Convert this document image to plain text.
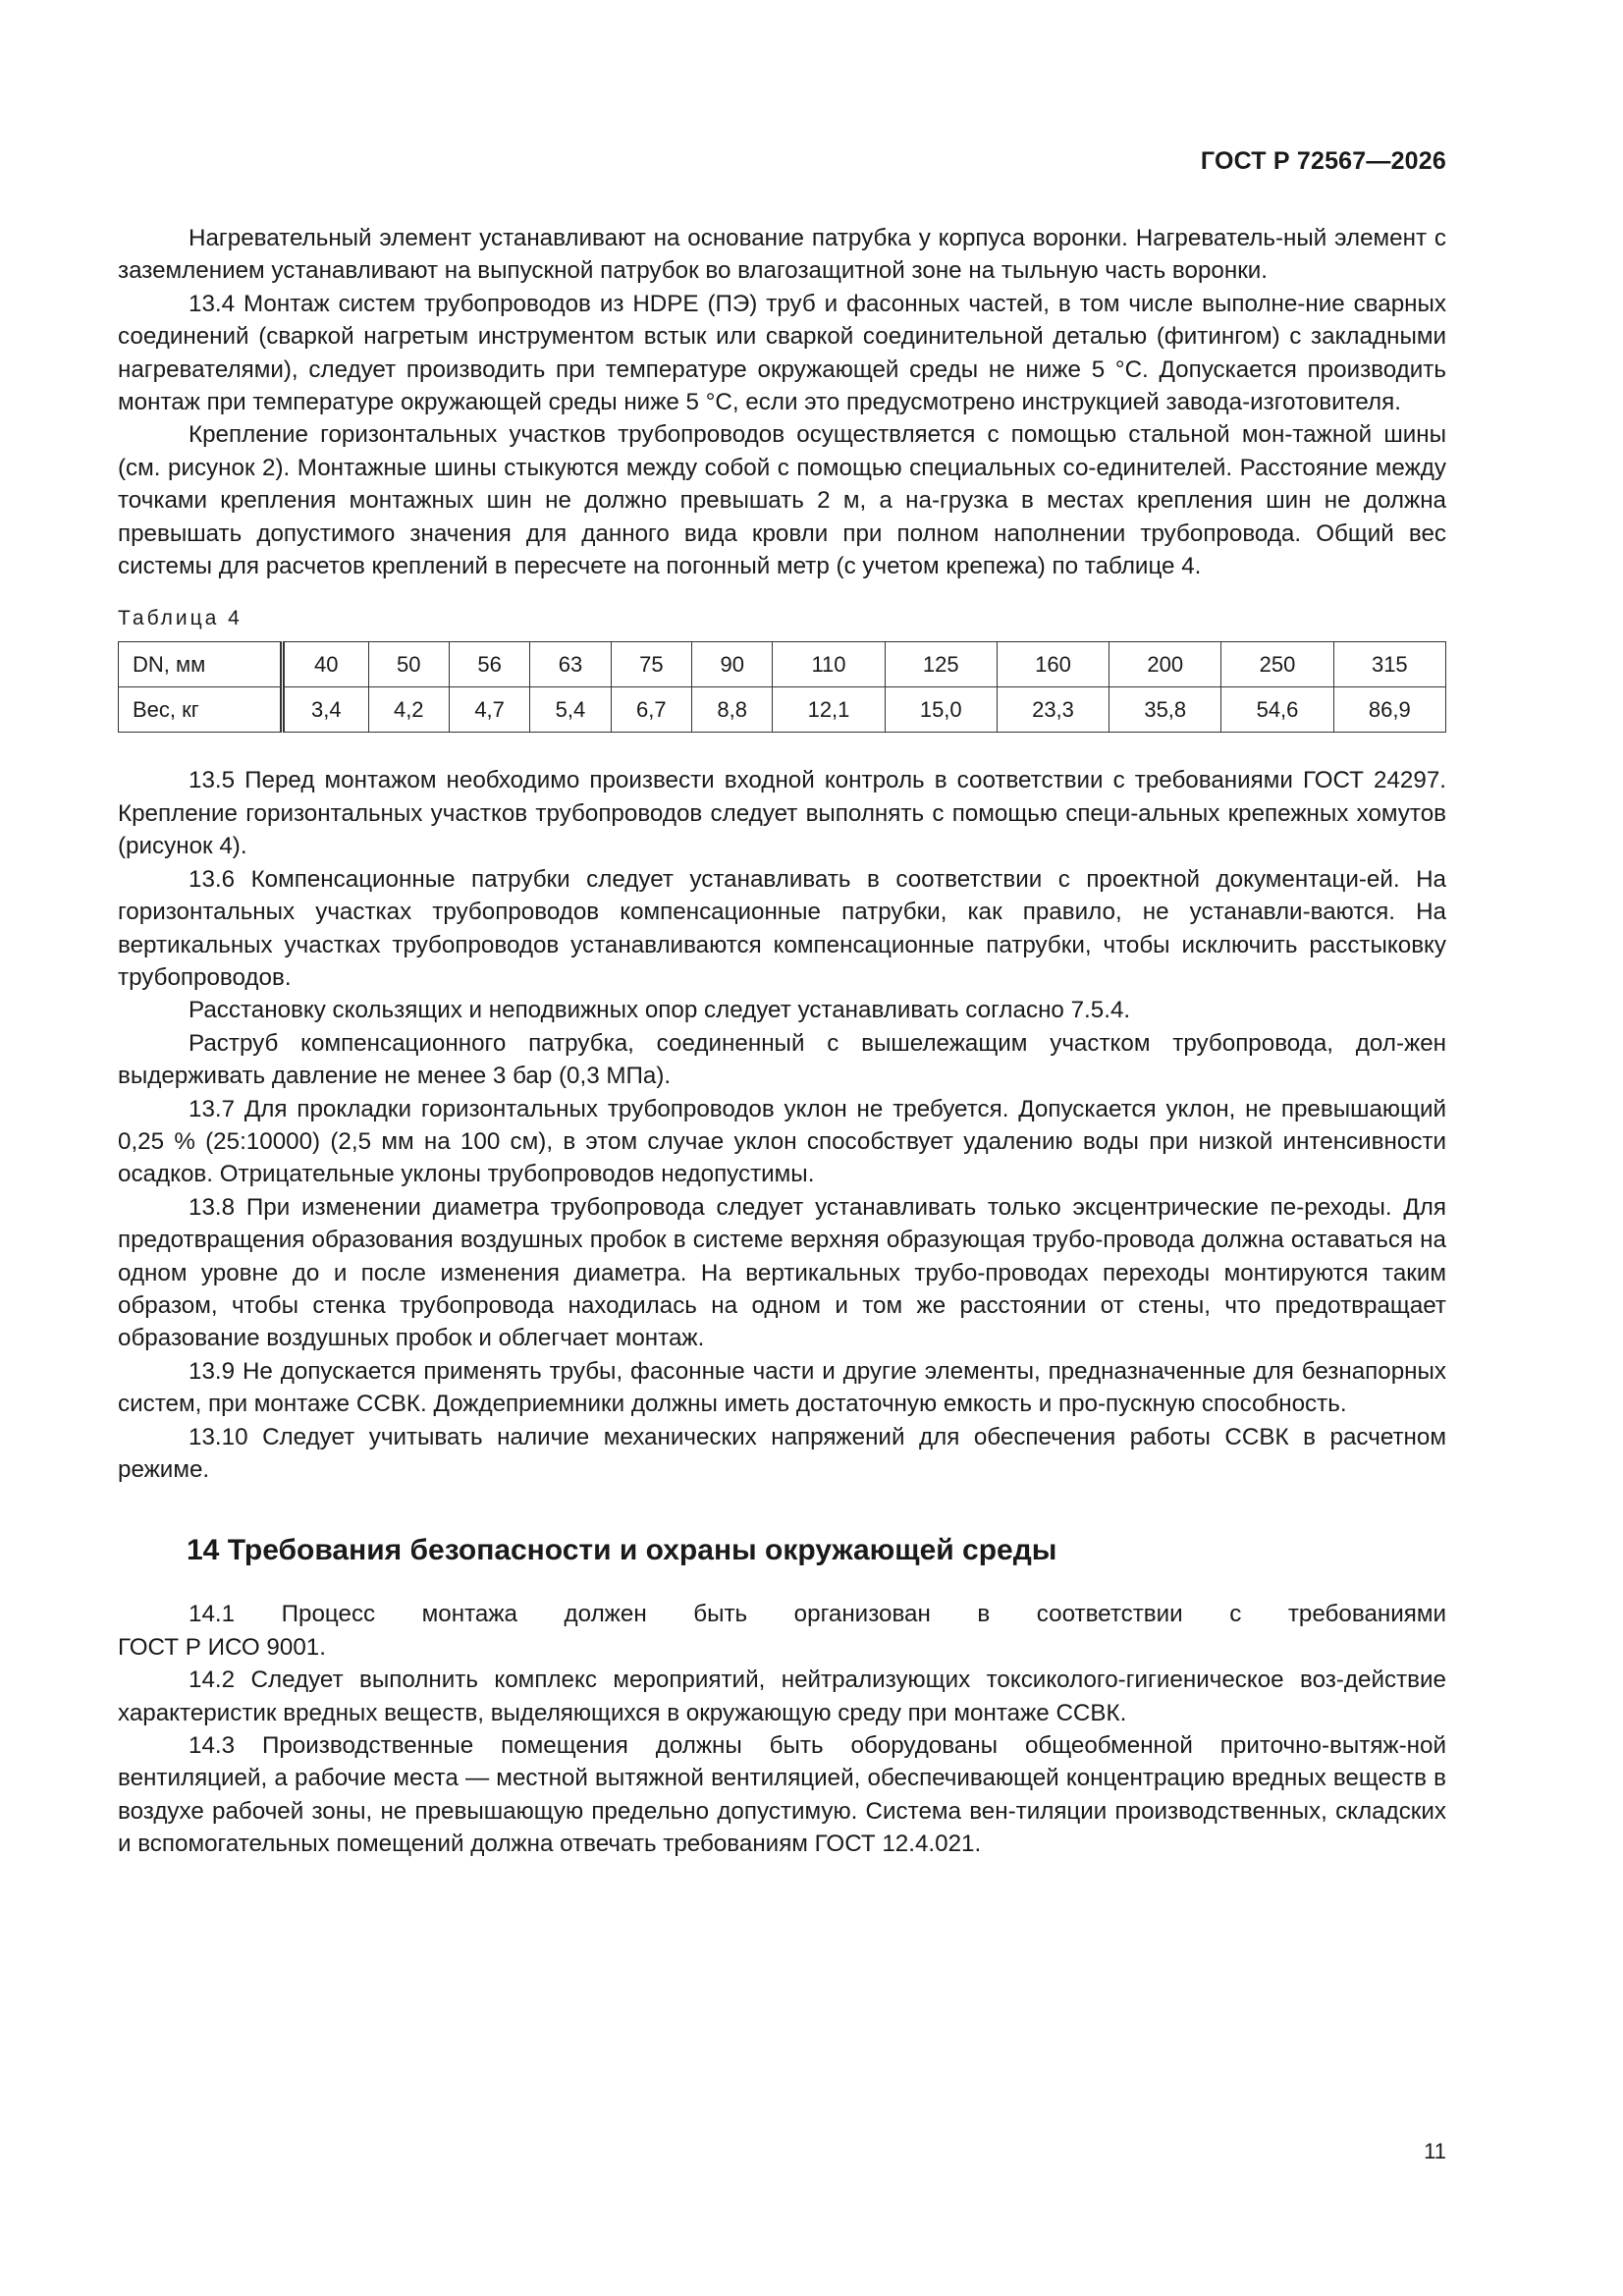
ГОСТ Р 72567—2026

Нагревательный элемент устанавливают на основание патрубка у корпуса воронки. Нагреватель-ный элемент с заземлением устанавливают на выпускной патрубок во влагозащитной зоне на тыльную часть воронки.

13.4 Монтаж систем трубопроводов из HDPE (ПЭ) труб и фасонных частей, в том числе выполне-ние сварных соединений (сваркой нагретым инструментом встык или сваркой соединительной деталью (фитингом) с закладными нагревателями), следует производить при температуре окружающей среды не ниже 5 °С. Допускается производить монтаж при температуре окружающей среды ниже 5 °С, если это предусмотрено инструкцией завода-изготовителя.

Крепление горизонтальных участков трубопроводов осуществляется с помощью стальной мон-тажной шины (см. рисунок 2). Монтажные шины стыкуются между собой с помощью специальных со-единителей. Расстояние между точками крепления монтажных шин не должно превышать 2 м, а на-грузка в местах крепления шин не должна превышать допустимого значения для данного вида кровли при полном наполнении трубопровода. Общий вес системы для расчетов креплений в пересчете на погонный метр (с учетом крепежа) по таблице 4.

Таблица 4
DN, мм	40	50	56	63	75	90	110	125	160	200	250	315
Вес, кг	3,4	4,2	4,7	5,4	6,7	8,8	12,1	15,0	23,3	35,8	54,6	86,9

13.5 Перед монтажом необходимо произвести входной контроль в соответствии с требованиями ГОСТ 24297. Крепление горизонтальных участков трубопроводов следует выполнять с помощью специ-альных крепежных хомутов (рисунок 4).

13.6 Компенсационные патрубки следует устанавливать в соответствии с проектной документаци-ей. На горизонтальных участках трубопроводов компенсационные патрубки, как правило, не устанавли-ваются. На вертикальных участках трубопроводов устанавливаются компенсационные патрубки, чтобы исключить расстыковку трубопроводов.

Расстановку скользящих и неподвижных опор следует устанавливать согласно 7.5.4.

Раструб компенсационного патрубка, соединенный с вышележащим участком трубопровода, дол-жен выдерживать давление не менее 3 бар (0,3 МПа).

13.7 Для прокладки горизонтальных трубопроводов уклон не требуется. Допускается уклон, не превышающий 0,25 % (25:10000) (2,5 мм на 100 см), в этом случае уклон способствует удалению воды при низкой интенсивности осадков. Отрицательные уклоны трубопроводов недопустимы.

13.8 При изменении диаметра трубопровода следует устанавливать только эксцентрические пе-реходы. Для предотвращения образования воздушных пробок в системе верхняя образующая трубо-провода должна оставаться на одном уровне до и после изменения диаметра. На вертикальных трубо-проводах переходы монтируются таким образом, чтобы стенка трубопровода находилась на одном и том же расстоянии от стены, что предотвращает образование воздушных пробок и облегчает монтаж.

13.9 Не допускается применять трубы, фасонные части и другие элементы, предназначенные для безнапорных систем, при монтаже ССВК. Дождеприемники должны иметь достаточную емкость и про-пускную способность.

13.10 Следует учитывать наличие механических напряжений для обеспечения работы ССВК в расчетном режиме.

14 Требования безопасности и охраны окружающей среды

14.1 Процесс монтажа должен быть организован в соответствии с требованиями

ГОСТ Р ИСО 9001.

14.2 Следует выполнить комплекс мероприятий, нейтрализующих токсиколого-гигиеническое воз-действие характеристик вредных веществ, выделяющихся в окружающую среду при монтаже ССВК.

14.3 Производственные помещения должны быть оборудованы общеобменной приточно-вытяж-ной вентиляцией, а рабочие места — местной вытяжной вентиляцией, обеспечивающей концентрацию вредных веществ в воздухе рабочей зоны, не превышающую предельно допустимую. Система вен-тиляции производственных, складских и вспомогательных помещений должна отвечать требованиям ГОСТ 12.4.021.

11
